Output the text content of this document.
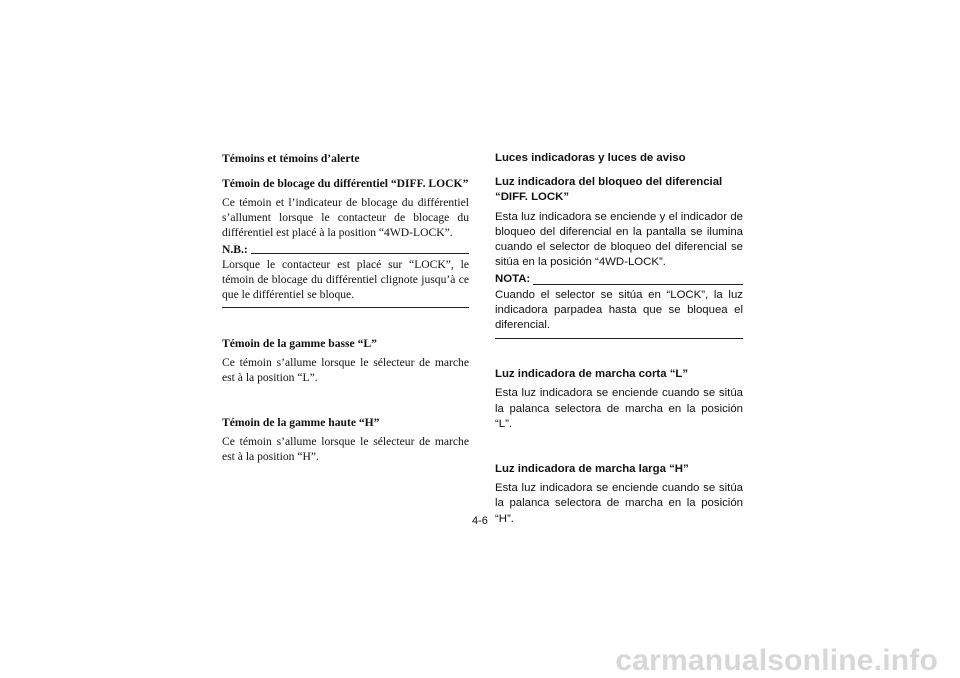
Témoins et témoins d’alerte

Témoin de blocage du différentiel “DIFF. LOCK”

Ce témoin et l’indicateur de blocage du différentiel s’allument lorsque le contacteur de blocage du différentiel est placé à la position “4WD-LOCK”.

N.B.:

Lorsque le contacteur est placé sur “LOCK”, le témoin de blocage du différentiel clignote jusqu’à ce que le différentiel se bloque.

Témoin de la gamme basse “L”

Ce témoin s’allume lorsque le sélecteur de marche est à la position “L”.

Témoin de la gamme haute “H”

Ce témoin s’allume lorsque le sélecteur de marche est à la position “H”.

Luces indicadoras y luces de aviso

Luz indicadora del bloqueo del diferencial “DIFF. LOCK”

Esta luz indicadora se enciende y el indicador de bloqueo del diferencial en la pantalla se ilumina cuando el selector de bloqueo del diferencial se sitúa en la posición “4WD-LOCK”.

NOTA:

Cuando el selector se sitúa en “LOCK”, la luz indicadora parpadea hasta que se bloquea el diferencial.

Luz indicadora de marcha corta “L”

Esta luz indicadora se enciende cuando se sitúa la palanca selectora de marcha en la posición “L”.

Luz indicadora de marcha larga “H”

Esta luz indicadora se enciende cuando se sitúa la palanca selectora de marcha en la posición “H”.

4-6
carmanualsonline.info
